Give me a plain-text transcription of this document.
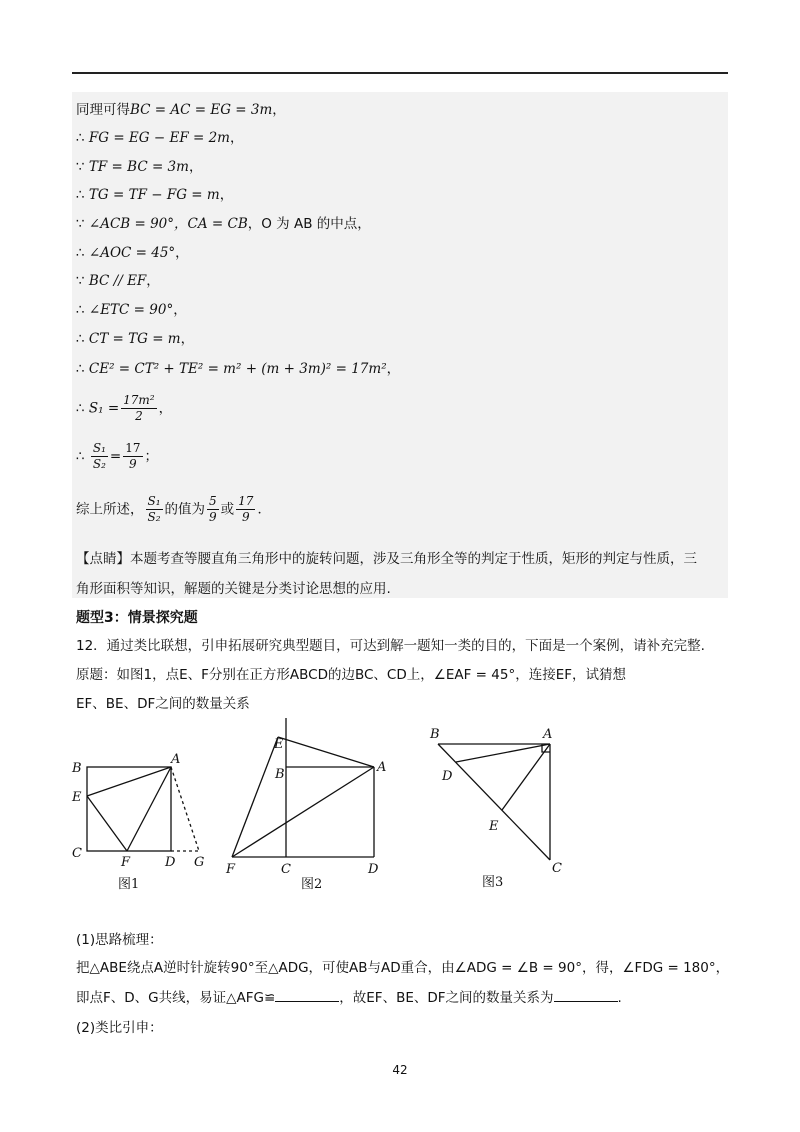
同理可得BC = AC = EG = 3m，
∴ FG = EG − EF = 2m，
∵ TF = BC = 3m，
∴ TG = TF − FG = m，
∵ ∠ACB = 90°，CA = CB，O 为 AB 的中点，
∴ ∠AOC = 45°，
∵ BC // EF，
∴ ∠ETC = 90°，
∴ CT = TG = m，
∴ CE² = CT² + TE² = m² + (m + 3m)² = 17m²，
∴ $S_1 = \frac{\text{17m²}}{2}$ ，
∴ $\frac{\text{S₁}}{\text{S₂}} = \frac{17}{9}$ ；
综上所述， $\frac{\text{S₁}}{\text{S₂}}$ 的值为 $\frac{5}{9}$ 或 $\frac{17}{9}$ ．
【点睛】本题考查等腰直角三角形中的旋转问题，涉及三角形全等的判定于性质，矩形的判定与性质，三
角形面积等知识，解题的关键是分类讨论思想的应用.
题型3：情景探究题
12．通过类比联想，引申拓展研究典型题目，可达到解一题知一类的目的，下面是一个案例，请补充完整.
原题：如图1，点E、F分别在正方形ABCD的边BC、CD上，∠EAF = 45°，连接EF，试猜想
EF、BE、DF之间的数量关系
A
B
C
D
E
F	G
图1
A
B
C	D
E
F
图2
A
B
C
D
E
图3
(1)思路梳理：
把△ABE绕点A逆时针旋转90°至△ADG，可使AB与AD重合，由∠ADG = ∠B = 90°，得，∠FDG = 180°，
即点F、D、G共线，易证△AFG≌	，故EF、BE、DF之间的数量关系为	.
(2)类比引申：
42
